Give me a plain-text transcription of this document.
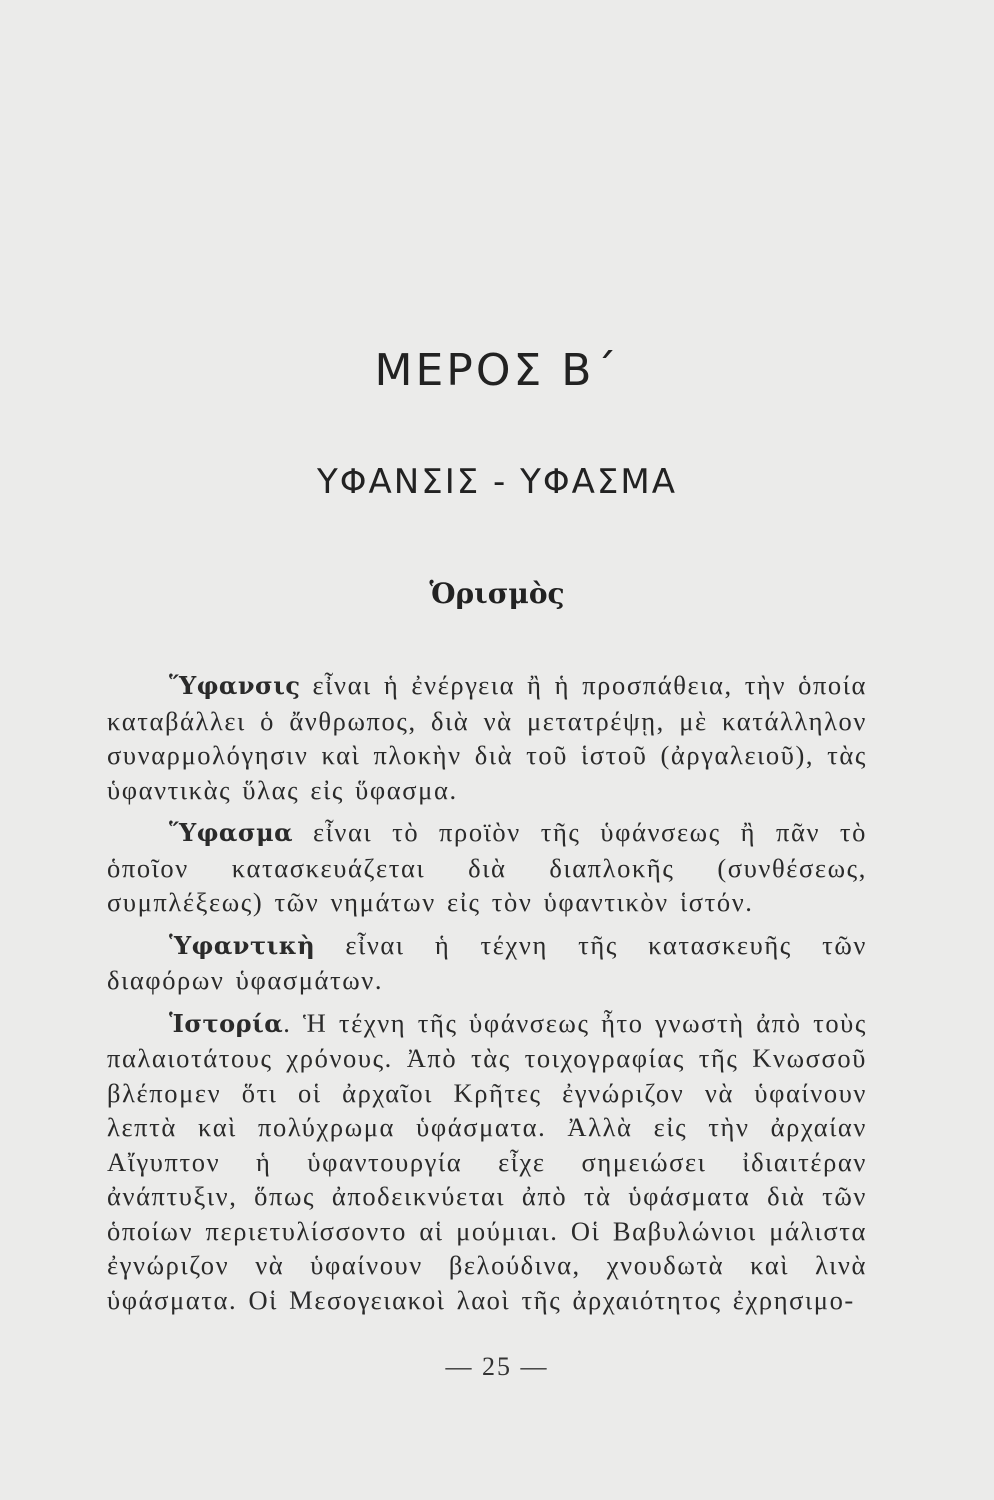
ΜΕΡΟΣ Β΄
ΥΦΑΝΣΙΣ - ΥΦΑΣΜΑ
Ὁρισμὸς

Ὕφανσις εἶναι ἡ ἐνέργεια ἢ ἡ προσπάθεια, τὴν ὁποία καταβάλλει ὁ ἄνθρωπος, διὰ νὰ μετατρέψῃ, μὲ κατάλληλον συναρμολόγησιν καὶ πλοκὴν διὰ τοῦ ἱστοῦ (ἀργαλειοῦ), τὰς ὑφαντικὰς ὕλας εἰς ὕφασμα.

Ὕφασμα εἶναι τὸ προϊὸν τῆς ὑφάνσεως ἢ πᾶν τὸ ὁποῖον κατασκευάζεται διὰ διαπλοκῆς (συνθέσεως, συμπλέξεως) τῶν νημάτων εἰς τὸν ὑφαντικὸν ἱστόν.

Ὑφαντικὴ εἶναι ἡ τέχνη τῆς κατασκευῆς τῶν διαφόρων ὑφασμάτων.

Ἱστορία. Ἡ τέχνη τῆς ὑφάνσεως ἦτο γνωστὴ ἀπὸ τοὺς παλαιοτάτους χρόνους. Ἀπὸ τὰς τοιχογραφίας τῆς Κνωσσοῦ βλέπομεν ὅτι οἱ ἀρχαῖοι Κρῆτες ἐγνώριζον νὰ ὑφαίνουν λεπτὰ καὶ πολύχρωμα ὑφάσματα. Ἀλλὰ εἰς τὴν ἀρχαίαν Αἴγυπτον ἡ ὑφαντουργία εἶχε σημειώσει ἰδιαιτέραν ἀνάπτυξιν, ὅπως ἀποδεικνύεται ἀπὸ τὰ ὑφάσματα διὰ τῶν ὁποίων περιετυλίσσοντο αἱ μούμιαι. Οἱ Βαβυλώνιοι μάλιστα ἐγνώριζον νὰ ὑφαίνουν βελούδινα, χνουδωτὰ καὶ λινὰ ὑφάσματα. Οἱ Μεσογειακοὶ λαοὶ τῆς ἀρχαιότητος ἐχρησιμο-

— 25 —
